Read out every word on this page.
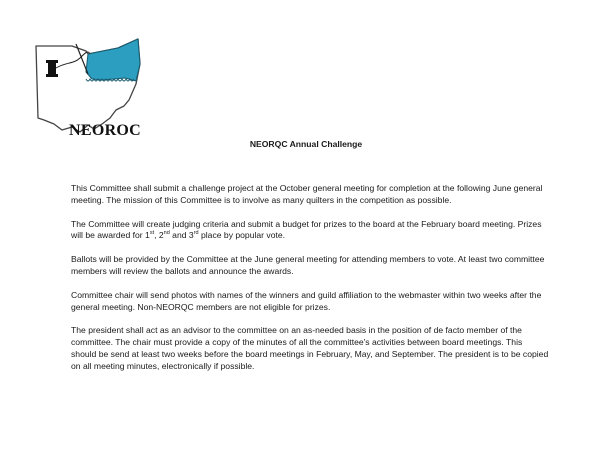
NEOROC
NEORQC Annual Challenge

This Committee shall submit a challenge project at the October general meeting for completion at the following June general meeting. The mission of this Committee is to involve as many quilters in the competition as possible.

The Committee will create judging criteria and submit a budget for prizes to the board at the February board meeting. Prizes will be awarded for 1st, 2nd and 3rd place by popular vote.

Ballots will be provided by the Committee at the June general meeting for attending members to vote. At least two committee members will review the ballots and announce the awards.

Committee chair will send photos with names of the winners and guild affiliation to the webmaster within two weeks after the general meeting. Non-NEORQC members are not eligible for prizes.

The president shall act as an advisor to the committee on an as-needed basis in the position of de facto member of the committee. The chair must provide a copy of the minutes of all the committee's activities between board meetings. This should be send at least two weeks before the board meetings in February, May, and September. The president is to be copied on all meeting minutes, electronically if possible.
